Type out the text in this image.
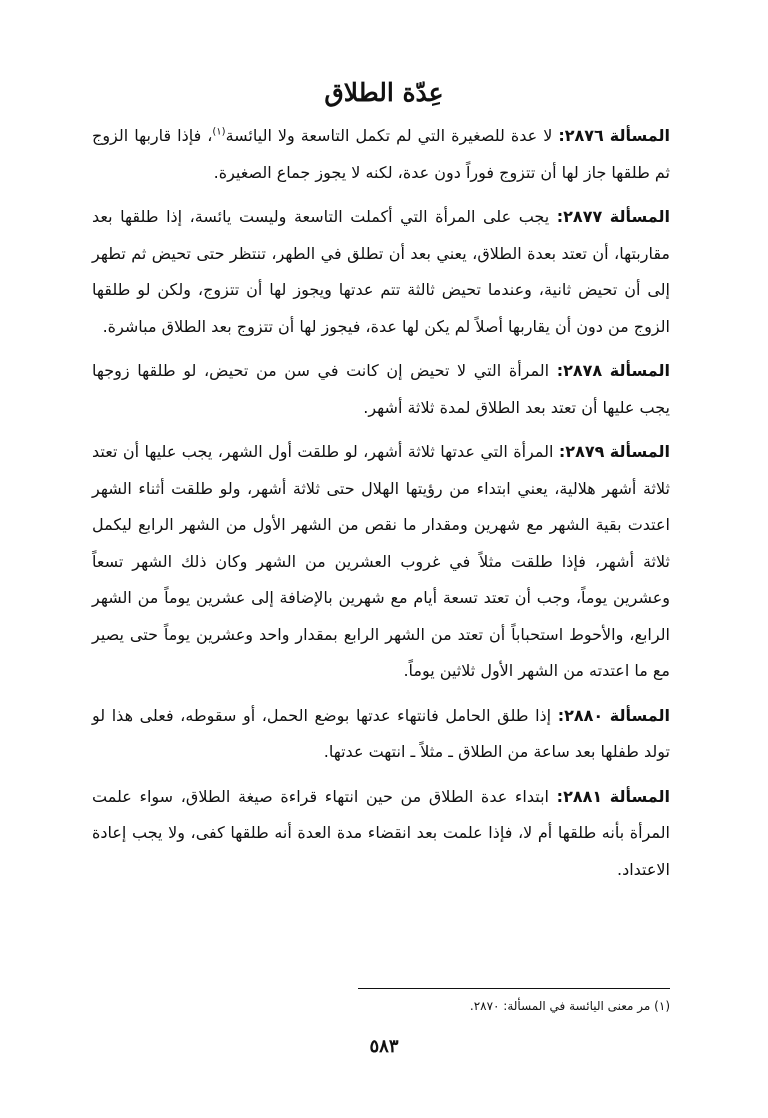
عِدّة الطلاق

المسألة ٢٨٧٦: لا عدة للصغيرة التي لم تكمل التاسعة ولا اليائسة$^{(١)}$، فإذا قاربها الزوج ثم طلقها جاز لها أن تتزوج فوراً دون عدة، لكنه لا يجوز جماع الصغيرة.

المسألة ٢٨٧٧: يجب على المرأة التي أكملت التاسعة وليست يائسة، إذا طلقها بعد مقاربتها، أن تعتد بعدة الطلاق، يعني بعد أن تطلق في الطهر، تنتظر حتى تحيض ثم تطهر إلى أن تحيض ثانية، وعندما تحيض ثالثة تتم عدتها ويجوز لها أن تتزوج، ولكن لو طلقها الزوج من دون أن يقاربها أصلاً لم يكن لها عدة، فيجوز لها أن تتزوج بعد الطلاق مباشرة.

المسألة ٢٨٧٨: المرأة التي لا تحيض إن كانت في سن من تحيض، لو طلقها زوجها يجب عليها أن تعتد بعد الطلاق لمدة ثلاثة أشهر.

المسألة ٢٨٧٩: المرأة التي عدتها ثلاثة أشهر، لو طلقت أول الشهر، يجب عليها أن تعتد ثلاثة أشهر هلالية، يعني ابتداء من رؤيتها الهلال حتى ثلاثة أشهر، ولو طلقت أثناء الشهر اعتدت بقية الشهر مع شهرين ومقدار ما نقص من الشهر الأول من الشهر الرابع ليكمل ثلاثة أشهر، فإذا طلقت مثلاً في غروب العشرين من الشهر وكان ذلك الشهر تسعاً وعشرين يوماً، وجب أن تعتد تسعة أيام مع شهرين بالإضافة إلى عشرين يوماً من الشهر الرابع، والأحوط استحباباً أن تعتد من الشهر الرابع بمقدار واحد وعشرين يوماً حتى يصير مع ما اعتدته من الشهر الأول ثلاثين يوماً.

المسألة ٢٨٨٠: إذا طلق الحامل فانتهاء عدتها بوضع الحمل، أو سقوطه، فعلى هذا لو تولد طفلها بعد ساعة من الطلاق ـ مثلاً ـ انتهت عدتها.

المسألة ٢٨٨١: ابتداء عدة الطلاق من حين انتهاء قراءة صيغة الطلاق، سواء علمت المرأة بأنه طلقها أم لا، فإذا علمت بعد انقضاء مدة العدة أنه طلقها كفى، ولا يجب إعادة الاعتداد.

(١) مر معنى اليائسة في المسألة: ٢٨٧٠.
٥٨٣
